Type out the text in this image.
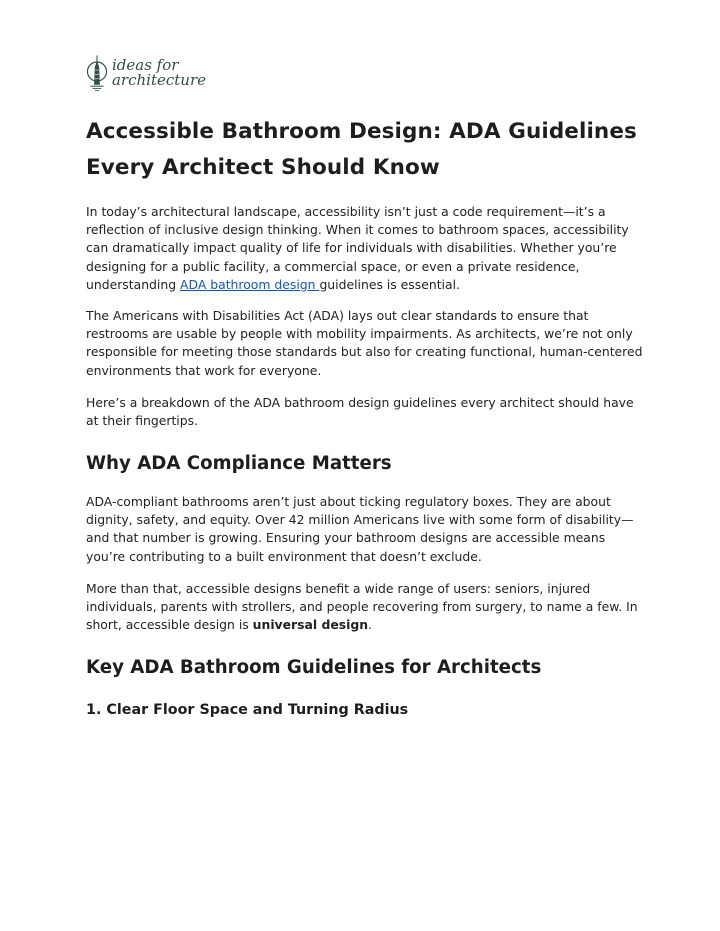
ideas for
architecture
Accessible Bathroom Design: ADA Guidelines Every Architect Should Know

In today’s architectural landscape, accessibility isn’t just a code requirement—it’s a reflection of inclusive design thinking. When it comes to bathroom spaces, accessibility can dramatically impact quality of life for individuals with disabilities. Whether you’re designing for a public facility, a commercial space, or even a private residence, understanding ADA bathroom design guidelines is essential.

The Americans with Disabilities Act (ADA) lays out clear standards to ensure that restrooms are usable by people with mobility impairments. As architects, we’re not only responsible for meeting those standards but also for creating functional, human-centered environments that work for everyone.

Here’s a breakdown of the ADA bathroom design guidelines every architect should have at their fingertips.

Why ADA Compliance Matters

ADA-compliant bathrooms aren’t just about ticking regulatory boxes. They are about dignity, safety, and equity. Over 42 million Americans live with some form of disability—and that number is growing. Ensuring your bathroom designs are accessible means you’re contributing to a built environment that doesn’t exclude.

More than that, accessible designs benefit a wide range of users: seniors, injured individuals, parents with strollers, and people recovering from surgery, to name a few. In short, accessible design is universal design.

Key ADA Bathroom Guidelines for Architects
1. Clear Floor Space and Turning Radius
